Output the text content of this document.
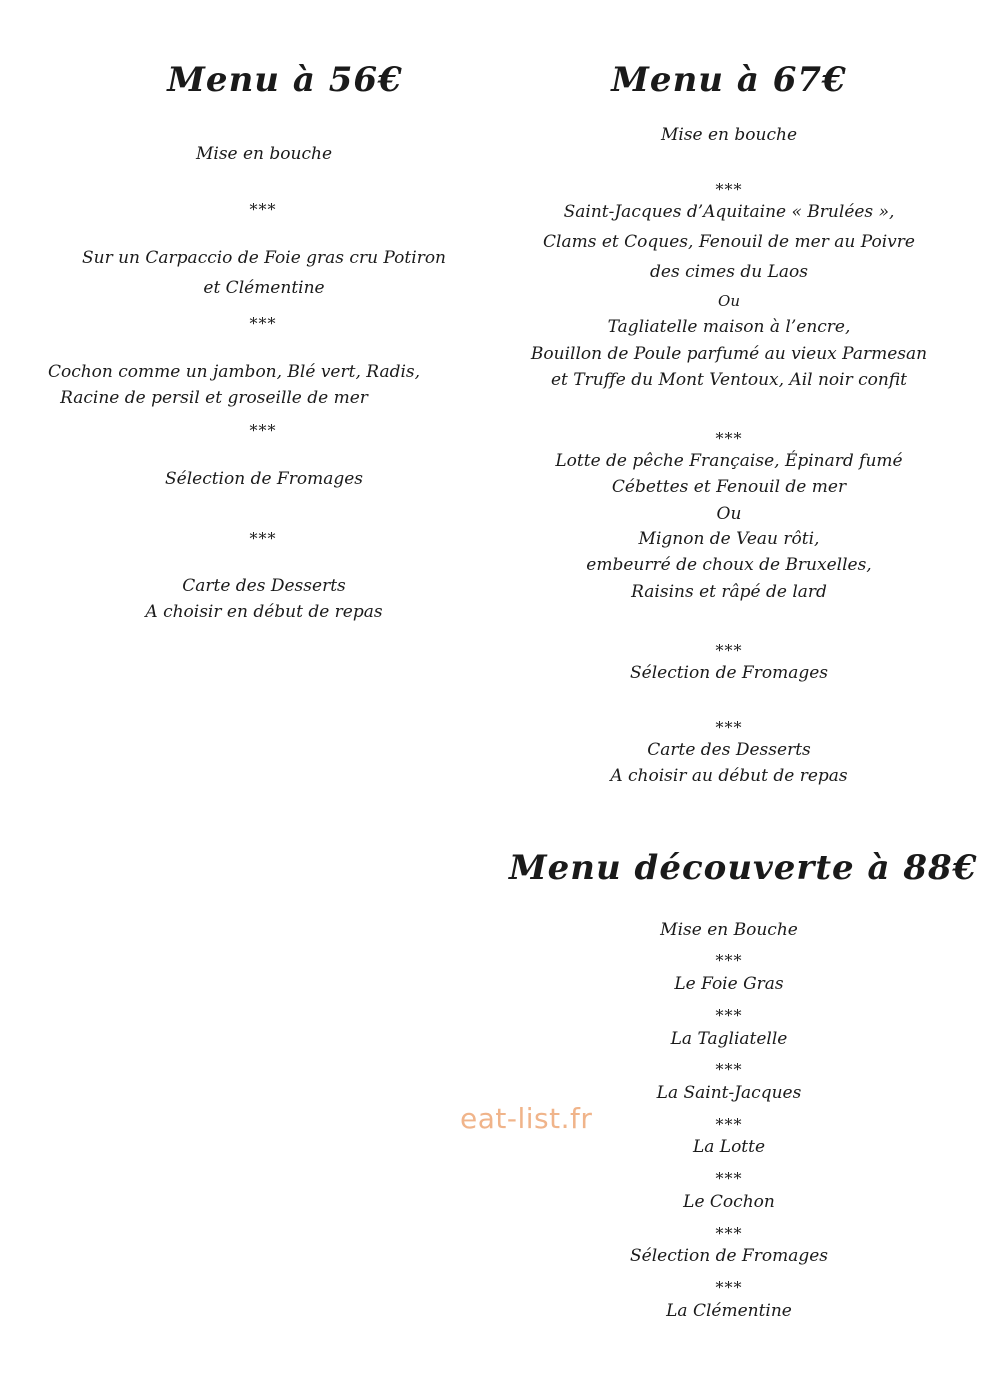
Menu à 56€
Mise en bouche
***
Sur un Carpaccio de Foie gras cru Potiron
et Clémentine
***
Cochon comme un jambon, Blé vert, Radis,
Racine de persil et groseille de mer
***
Sélection de Fromages
***
Carte des Desserts
A choisir en début de repas
Menu à 67€
Mise en bouche
***
Saint-Jacques d’Aquitaine « Brulées »,
Clams et Coques, Fenouil de mer au Poivre
des cimes du Laos
Ou
Tagliatelle maison à l’encre,
Bouillon de Poule parfumé au vieux Parmesan
et Truffe du Mont Ventoux, Ail noir confit
***
Lotte de pêche Française, Épinard fumé
Cébettes et Fenouil de mer
Ou
Mignon de Veau rôti,
embeurré de choux de Bruxelles,
Raisins et râpé de lard
***
Sélection de Fromages
***
Carte des Desserts
A choisir au début de repas
Menu découverte à 88€
Mise en Bouche
***
Le Foie Gras
***
La Tagliatelle
***
La Saint-Jacques
***
La Lotte
***
Le Cochon
***
Sélection de Fromages
***
La Clémentine
eat-list.fr
